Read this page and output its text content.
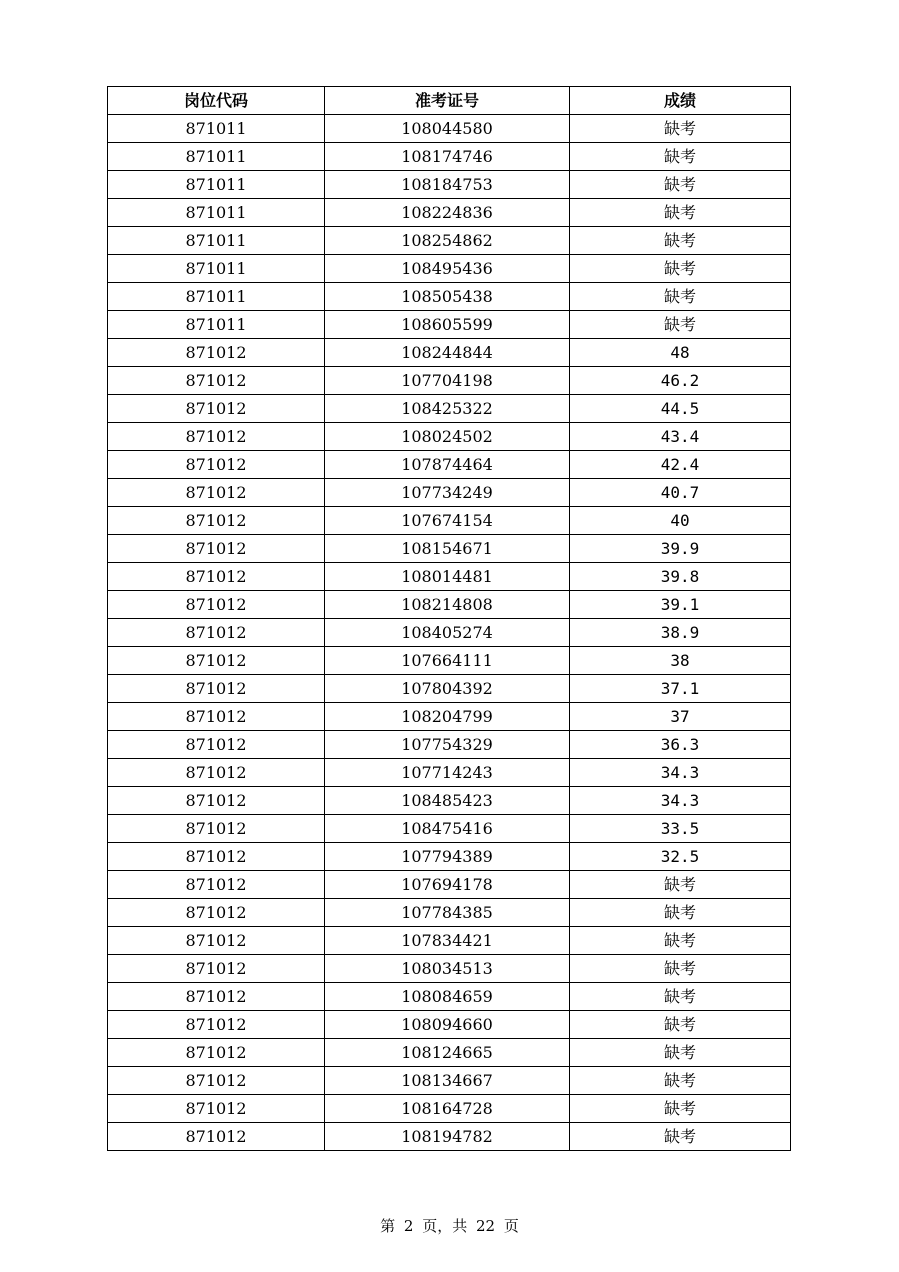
岗位代码	准考证号	成绩
871011	108044580	缺考
871011	108174746	缺考
871011	108184753	缺考
871011	108224836	缺考
871011	108254862	缺考
871011	108495436	缺考
871011	108505438	缺考
871011	108605599	缺考
871012	108244844	48
871012	107704198	46.2
871012	108425322	44.5
871012	108024502	43.4
871012	107874464	42.4
871012	107734249	40.7
871012	107674154	40
871012	108154671	39.9
871012	108014481	39.8
871012	108214808	39.1
871012	108405274	38.9
871012	107664111	38
871012	107804392	37.1
871012	108204799	37
871012	107754329	36.3
871012	107714243	34.3
871012	108485423	34.3
871012	108475416	33.5
871012	107794389	32.5
871012	107694178	缺考
871012	107784385	缺考
871012	107834421	缺考
871012	108034513	缺考
871012	108084659	缺考
871012	108094660	缺考
871012	108124665	缺考
871012	108134667	缺考
871012	108164728	缺考
871012	108194782	缺考
第 2 页，共 22 页
